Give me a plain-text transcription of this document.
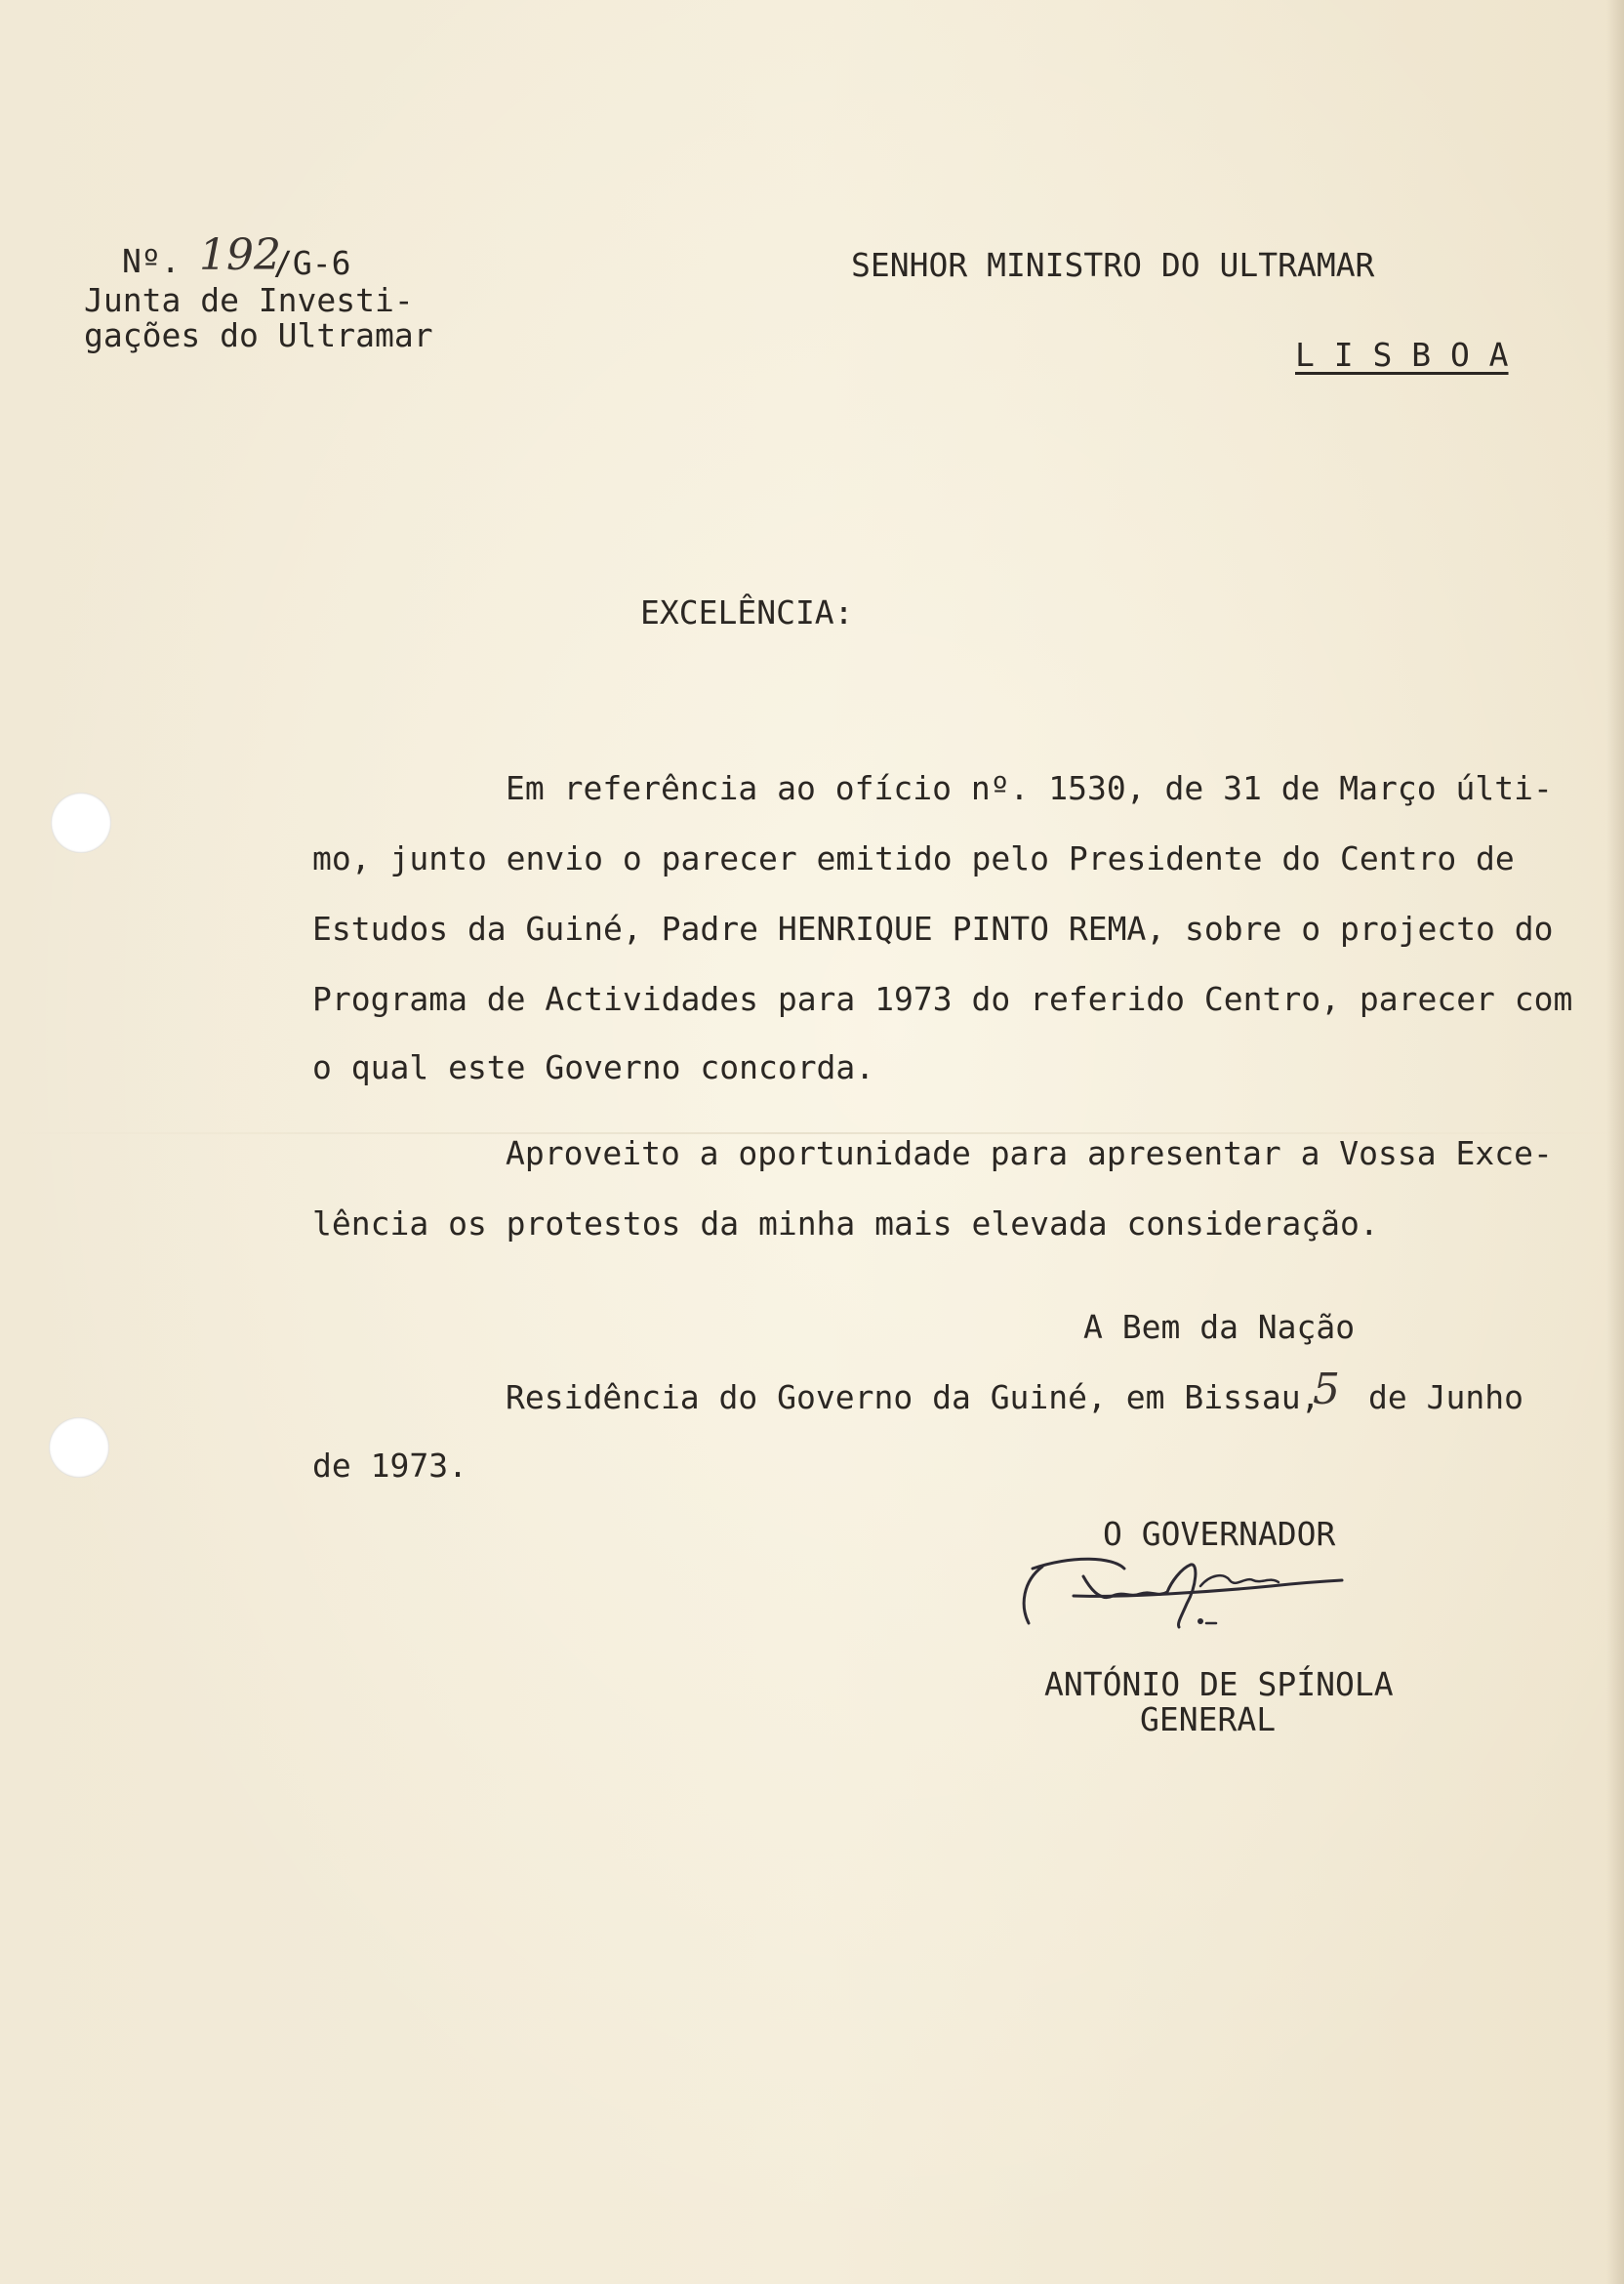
Nº. 192
/G-6
Junta de Investi-
gações do Ultramar
SENHOR MINISTRO DO ULTRAMAR
L I S B O A
EXCELÊNCIA:
Em referência ao ofício nº. 1530, de 31 de Março últi-
mo, junto envio o parecer emitido pelo Presidente do Centro de
Estudos da Guiné, Padre HENRIQUE PINTO REMA, sobre o projecto do
Programa de Actividades para 1973 do referido Centro, parecer com
o qual este Governo concorda.
Aproveito a oportunidade para apresentar a Vossa Exce-
lência os protestos da minha mais elevada consideração.
A Bem da Nação
Residência do Governo da Guiné, em Bissau,
5 de Junho
de 1973.
O GOVERNADOR
ANTÓNIO DE SPÍNOLA
GENERAL
